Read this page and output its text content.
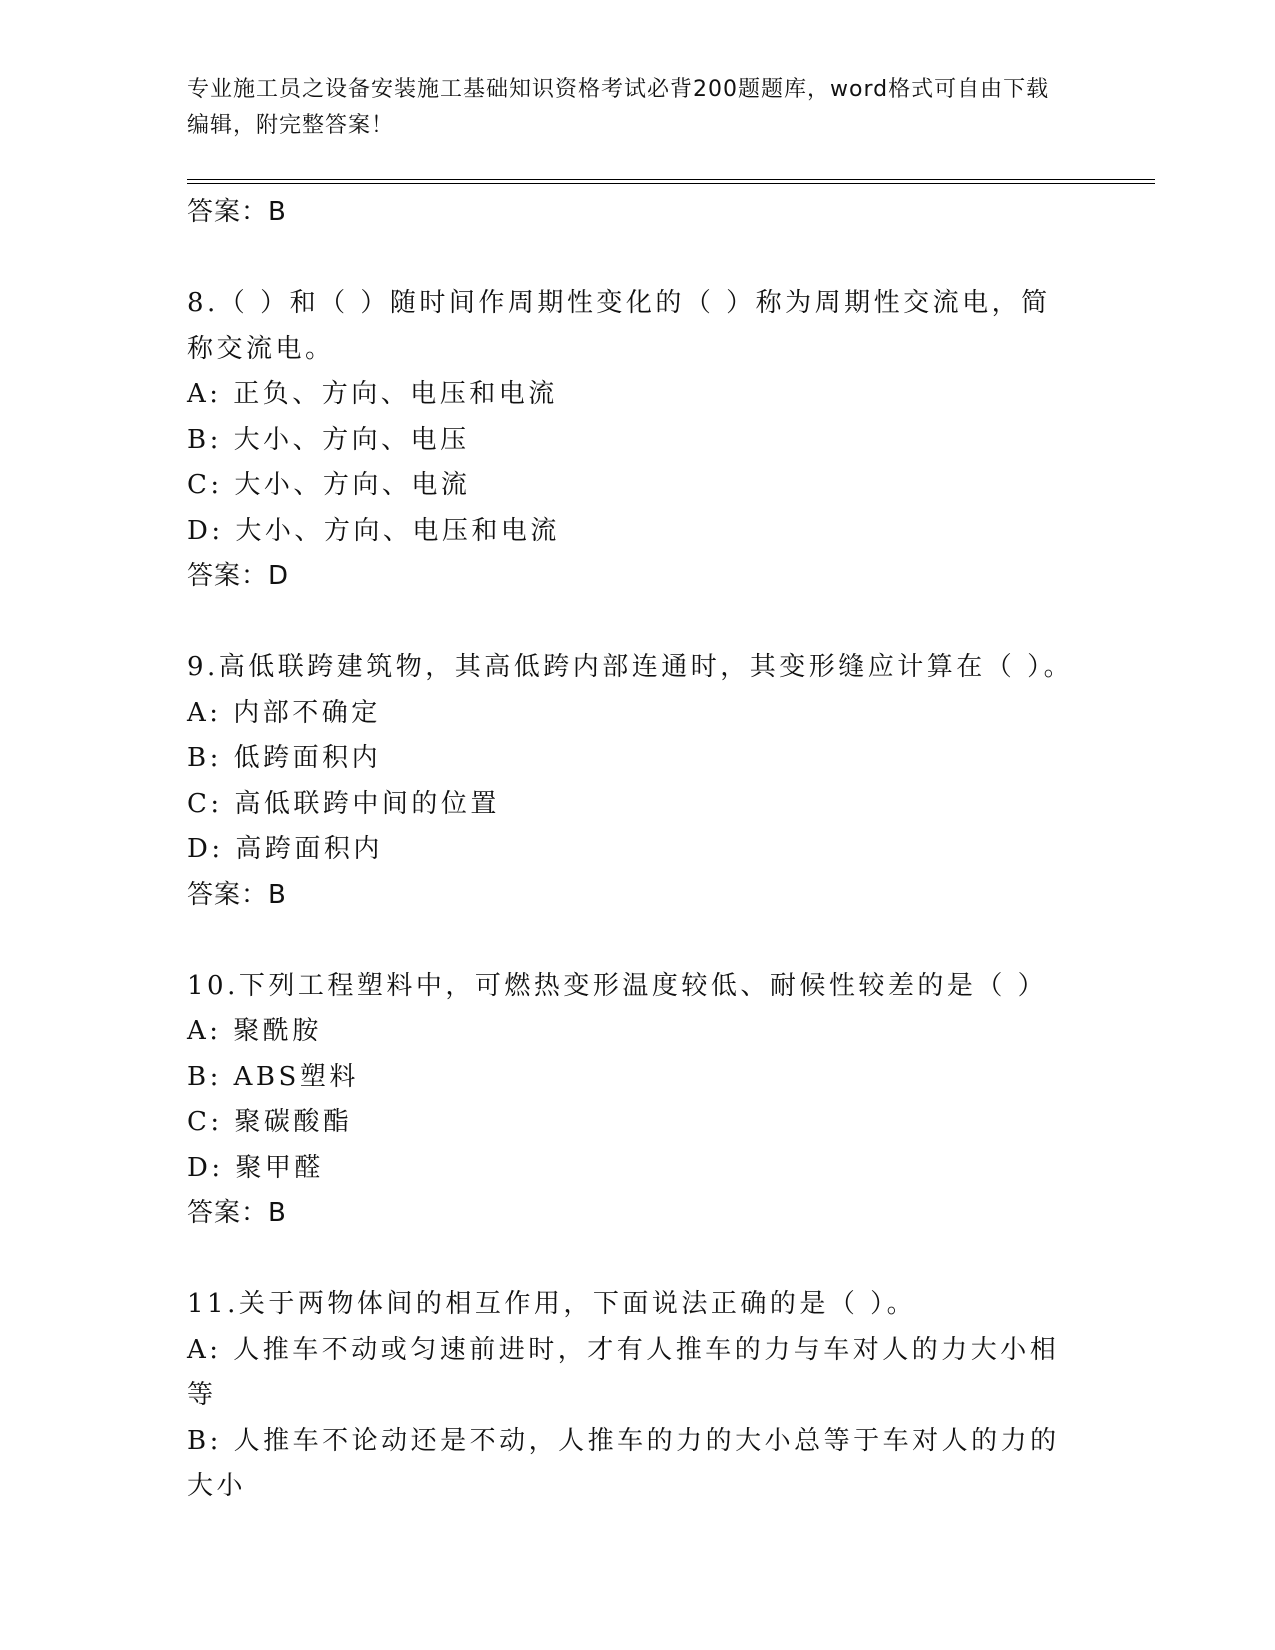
专业施工员之设备安装施工基础知识资格考试必背200题题库，word格式可自由下载编辑，附完整答案！
答案：B
8.（ ）和（ ）随时间作周期性变化的（ ）称为周期性交流电，简称交流电。
A: 正负、方向、电压和电流
B: 大小、方向、电压
C: 大小、方向、电流
D: 大小、方向、电压和电流
答案：D
9.高低联跨建筑物，其高低跨内部连通时，其变形缝应计算在（ ）。
A: 内部不确定
B: 低跨面积内
C: 高低联跨中间的位置
D: 高跨面积内
答案：B
10.下列工程塑料中，可燃热变形温度较低、耐候性较差的是（ ）
A: 聚酰胺
B: ABS塑料
C: 聚碳酸酯
D: 聚甲醛
答案：B
11.关于两物体间的相互作用，下面说法正确的是（ ）。
A: 人推车不动或匀速前进时，才有人推车的力与车对人的力大小相等
B: 人推车不论动还是不动，人推车的力的大小总等于车对人的力的大小
